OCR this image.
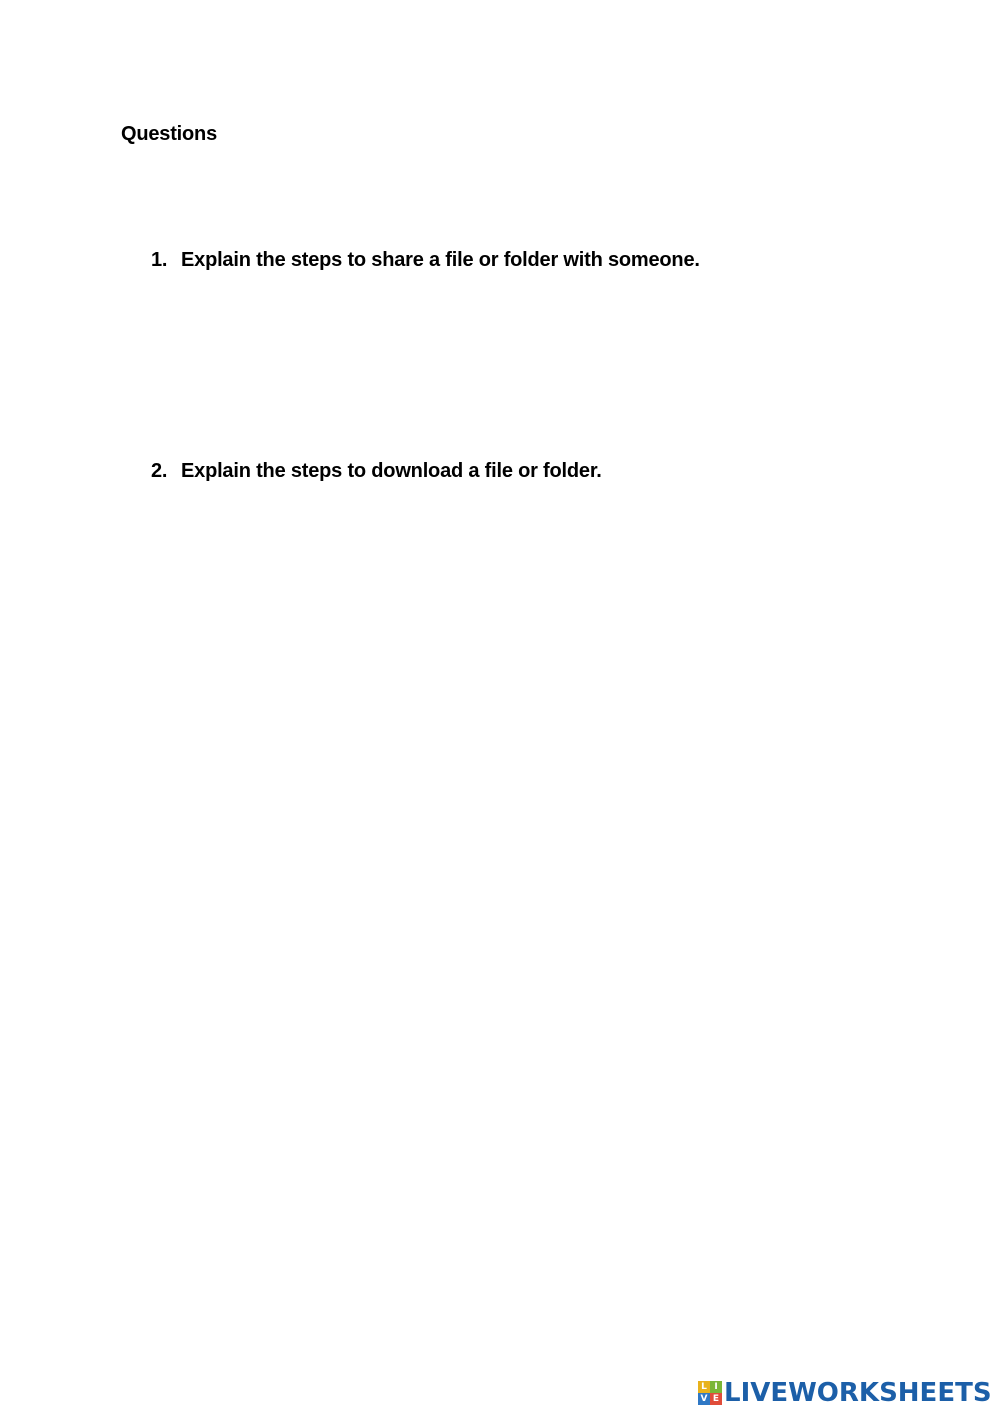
Questions
1. Explain the steps to share a file or folder with someone.
2. Explain the steps to download a file or folder.
L I
V E LIVEWORKSHEETS
